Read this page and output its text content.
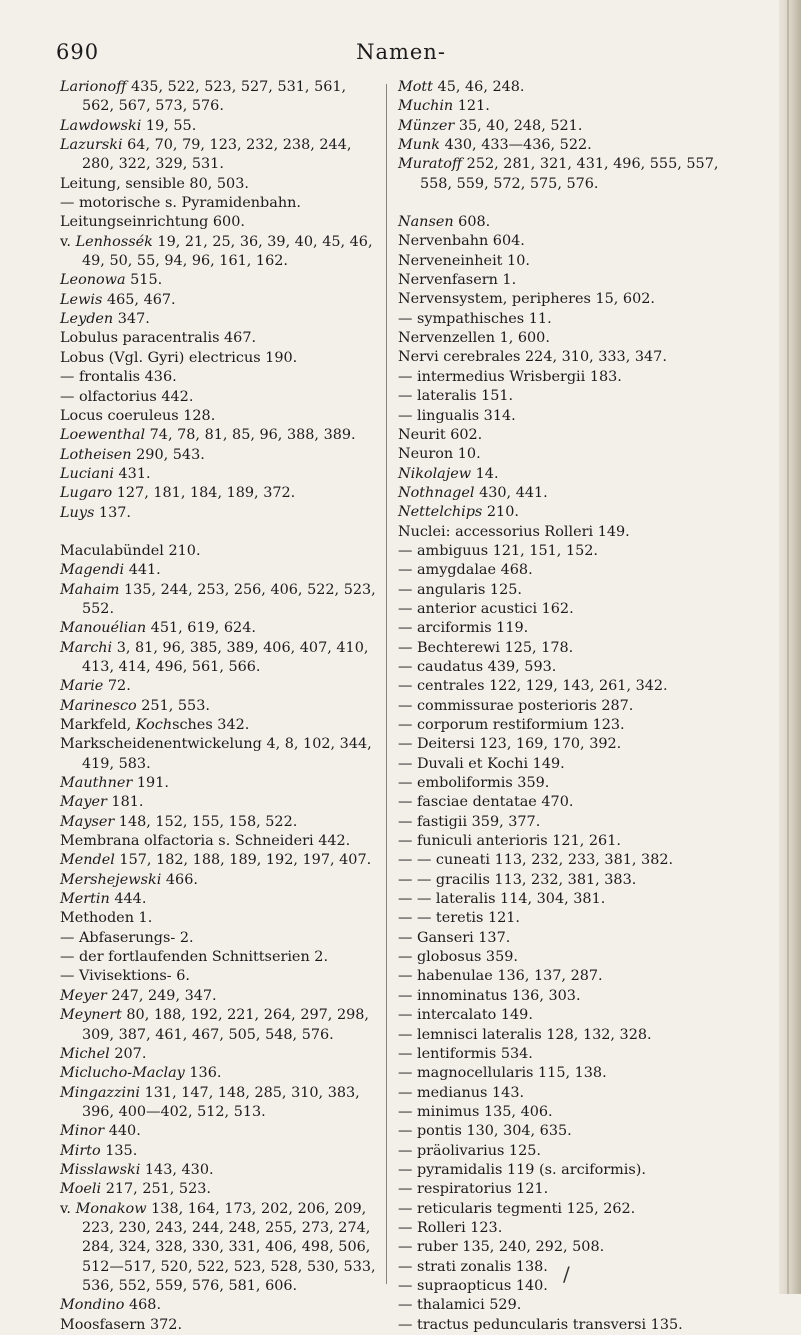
690	Namen-
Larionoff 435, 522, 523, 527, 531, 561, 562, 567, 573, 576.
Lawdowski 19, 55.
Lazurski 64, 70, 79, 123, 232, 238, 244, 280, 322, 329, 531.
Leitung, sensible 80, 503.
— motorische s. Pyramidenbahn.
Leitungseinrichtung 600.
v. Lenhossék 19, 21, 25, 36, 39, 40, 45, 46, 49, 50, 55, 94, 96, 161, 162.
Leonowa 515.
Lewis 465, 467.
Leyden 347.
Lobulus paracentralis 467.
Lobus (Vgl. Gyri) electricus 190.
— frontalis 436.
— olfactorius 442.
Locus coeruleus 128.
Loewenthal 74, 78, 81, 85, 96, 388, 389.
Lotheisen 290, 543.
Luciani 431.
Lugaro 127, 181, 184, 189, 372.
Luys 137.
Maculabündel 210.
Magendi 441.
Mahaim 135, 244, 253, 256, 406, 522, 523, 552.
Manouélian 451, 619, 624.
Marchi 3, 81, 96, 385, 389, 406, 407, 410, 413, 414, 496, 561, 566.
Marie 72.
Marinesco 251, 553.
Markfeld, Kochsches 342.
Markscheidenentwickelung 4, 8, 102, 344, 419, 583.
Mauthner 191.
Mayer 181.
Mayser 148, 152, 155, 158, 522.
Membrana olfactoria s. Schneideri 442.
Mendel 157, 182, 188, 189, 192, 197, 407.
Mershejewski 466.
Mertin 444.
Methoden 1.
— Abfaserungs- 2.
— der fortlaufenden Schnittserien 2.
— Vivisektions- 6.
Meyer 247, 249, 347.
Meynert 80, 188, 192, 221, 264, 297, 298, 309, 387, 461, 467, 505, 548, 576.
Michel 207.
Miclucho-Maclay 136.
Mingazzini 131, 147, 148, 285, 310, 383, 396, 400—402, 512, 513.
Minor 440.
Mirto 135.
Misslawski 143, 430.
Moeli 217, 251, 523.
v. Monakow 138, 164, 173, 202, 206, 209, 223, 230, 243, 244, 248, 255, 273, 274, 284, 324, 328, 330, 331, 406, 498, 506, 512—517, 520, 522, 523, 528, 530, 533, 536, 552, 559, 576, 581, 606.
Mondino 468.
Moosfasern 372.
Mott 45, 46, 248.
Muchin 121.
Münzer 35, 40, 248, 521.
Munk 430, 433—436, 522.
Muratoff 252, 281, 321, 431, 496, 555, 557, 558, 559, 572, 575, 576.
Nansen 608.
Nervenbahn 604.
Nerveneinheit 10.
Nervenfasern 1.
Nervensystem, peripheres 15, 602.
— sympathisches 11.
Nervenzellen 1, 600.
Nervi cerebrales 224, 310, 333, 347.
— intermedius Wrisbergii 183.
— lateralis 151.
— lingualis 314.
Neurit 602.
Neuron 10.
Nikolajew 14.
Nothnagel 430, 441.
Nettelchips 210.
Nuclei: accessorius Rolleri 149.
— ambiguus 121, 151, 152.
— amygdalae 468.
— angularis 125.
— anterior acustici 162.
— arciformis 119.
— Bechterewi 125, 178.
— caudatus 439, 593.
— centrales 122, 129, 143, 261, 342.
— commissurae posterioris 287.
— corporum restiformium 123.
— Deitersi 123, 169, 170, 392.
— Duvali et Kochi 149.
— emboliformis 359.
— fasciae dentatae 470.
— fastigii 359, 377.
— funiculi anterioris 121, 261.
— — cuneati 113, 232, 233, 381, 382.
— — gracilis 113, 232, 381, 383.
— — lateralis 114, 304, 381.
— — teretis 121.
— Ganseri 137.
— globosus 359.
— habenulae 136, 137, 287.
— innominatus 136, 303.
— intercalato 149.
— lemnisci lateralis 128, 132, 328.
— lentiformis 534.
— magnocellularis 115, 138.
— medianus 143.
— minimus 135, 406.
— pontis 130, 304, 635.
— präolivarius 125.
— pyramidalis 119 (s. arciformis).
— respiratorius 121.
— reticularis tegmenti 125, 262.
— Rolleri 123.
— ruber 135, 240, 292, 508.
— strati zonalis 138.
— supraopticus 140.
— thalamici 529.
— tractus peduncularis transversi 135.
/
